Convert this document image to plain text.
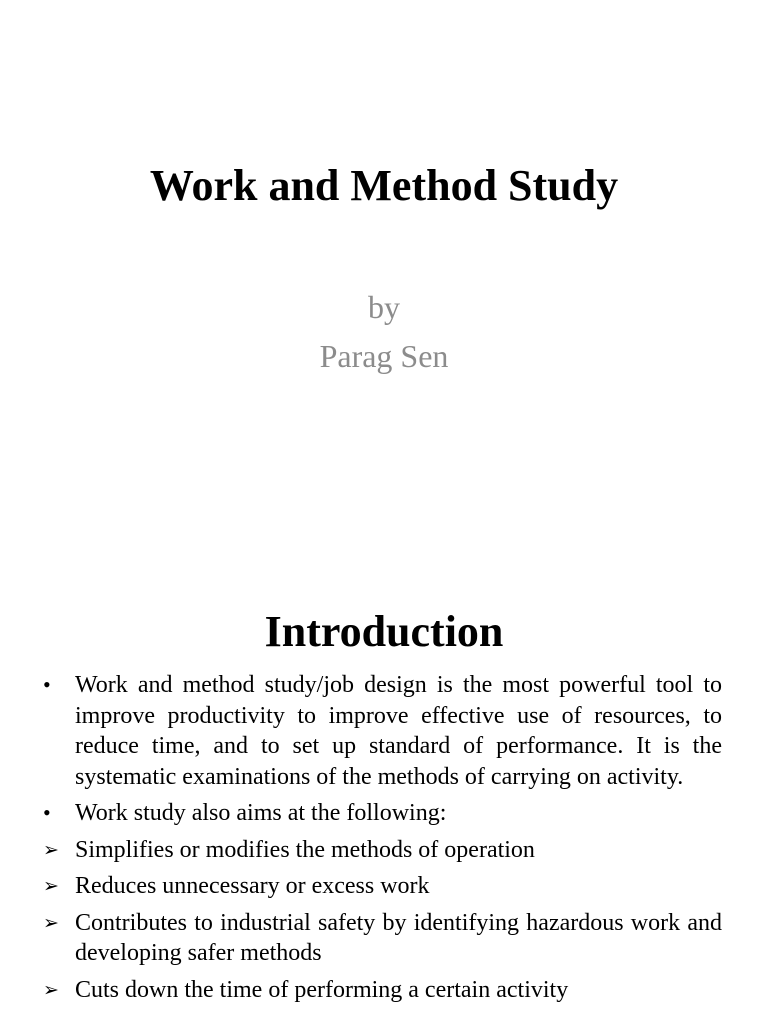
Work and Method Study

by

Parag Sen

Introduction
•	Work and method study/job design is the most powerful tool to improve productivity to improve effective use of resources, to reduce time, and to set up standard of performance. It is the systematic examinations of the methods of carrying on activity.
•	Work study also aims at the following:
➢ Simplifies or modifies the methods of operation
➢ Reduces unnecessary or excess work
➢ Contributes to industrial safety by identifying hazardous work and developing safer methods
➢ Cuts down the time of performing a certain activity
